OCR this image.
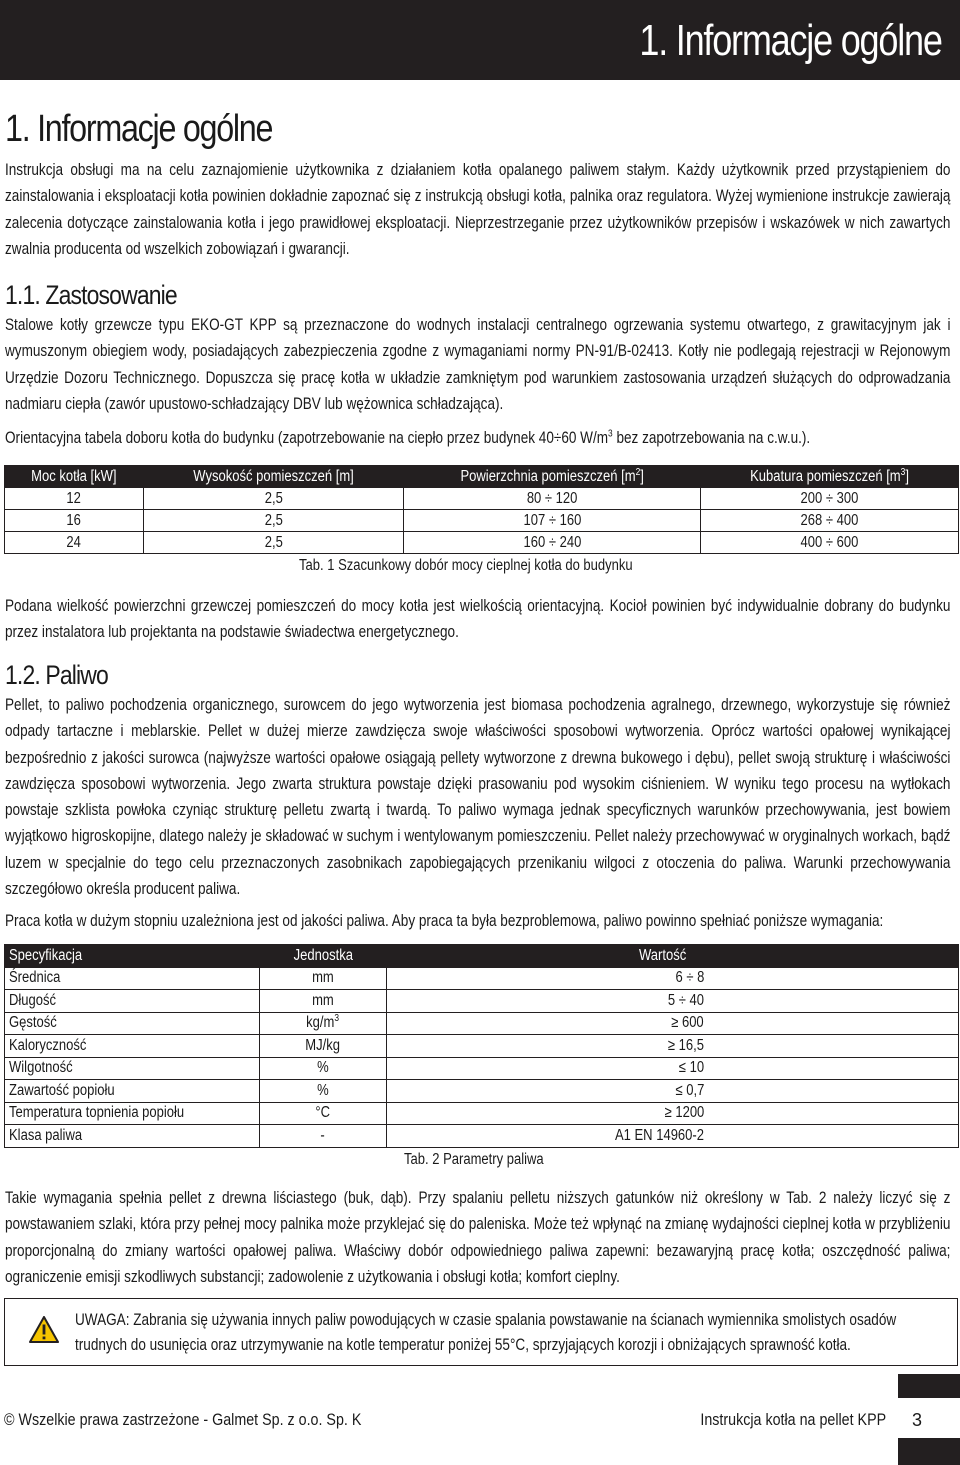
1. Informacje ogólne
1. Informacje ogólne

Instrukcja obsługi ma na celu zaznajomienie użytkownika z działaniem kotła opalanego paliwem stałym. Każdy użytkownik przed przystąpieniem do zainstalowania i eksploatacji kotła powinien dokładnie zapoznać się z instrukcją obsługi kotła, palnika oraz regulatora. Wyżej wymienione instrukcje zawierają zalecenia dotyczące zainstalowania kotła i jego prawidłowej eksploatacji. Nieprzestrzeganie przez użytkowników przepisów i wskazówek w nich zawartych zwalnia producenta od wszelkich zobowiązań i gwarancji.

1.1. Zastosowanie

Stalowe kotły grzewcze typu EKO-GT KPP są przeznaczone do wodnych instalacji centralnego ogrzewania systemu otwartego, z grawitacyjnym jak i wymuszonym obiegiem wody, posiadających zabezpieczenia zgodne z wymaganiami normy PN-91/B-02413. Kotły nie podlegają rejestracji w Rejonowym Urzędzie Dozoru Technicznego. Dopuszcza się pracę kotła w układzie zamkniętym pod warunkiem zastosowania urządzeń służących do odprowadzania nadmiaru ciepła (zawór upustowo-schładzający DBV lub wężownica schładzająca).

Orientacyjna tabela doboru kotła do budynku (zapotrzebowanie na ciepło przez budynek 40÷60 $W/m^3$ bez zapotrzebowania na c.w.u.).

Moc kotła [kW]	Wysokość pomieszczeń [m]	Powierzchnia pomieszczeń $[m^2]$	Kubatura pomieszczeń $[m^3]$
12	2,5	80 ÷ 120	200 ÷ 300
16	2,5	107 ÷ 160	268 ÷ 400
24	2,5	160 ÷ 240	400 ÷ 600
Tab. 1 Szacunkowy dobór mocy cieplnej kotła do budynku

Podana wielkość powierzchni grzewczej pomieszczeń do mocy kotła jest wielkością orientacyjną. Kocioł powinien być indywidualnie dobrany do budynku przez instalatora lub projektanta na podstawie świadectwa energetycznego.

1.2. Paliwo

Pellet, to paliwo pochodzenia organicznego, surowcem do jego wytworzenia jest biomasa pochodzenia agralnego, drzewnego, wykorzystuje się również odpady tartaczne i meblarskie. Pellet w dużej mierze zawdzięcza swoje właściwości sposobowi wytworzenia. Oprócz wartości opałowej wynikającej bezpośrednio z jakości surowca (najwyższe wartości opałowe osiągają pellety wytworzone z drewna bukowego i dębu), pellet swoją strukturę i właściwości zawdzięcza sposobowi wytworzenia. Jego zwarta struktura powstaje dzięki prasowaniu pod wysokim ciśnieniem. W wyniku tego procesu na wytłokach powstaje szklista powłoka czyniąc strukturę pelletu zwartą i twardą. To paliwo wymaga jednak specyficznych warunków przechowywania, jest bowiem wyjątkowo higroskopijne, dlatego należy je składować w suchym i wentylowanym pomieszczeniu. Pellet należy przechowywać w oryginalnych workach, bądź luzem w specjalnie do tego celu przeznaczonych zasobnikach zapobiegających przenikaniu wilgoci z otoczenia do paliwa. Warunki przechowywania szczegółowo określa producent paliwa.

Praca kotła w dużym stopniu uzależniona jest od jakości paliwa. Aby praca ta była bezproblemowa, paliwo powinno spełniać poniższe wymagania:

Specyfikacja	Jednostka	Wartość
Średnica	mm	6 ÷ 8
Długość	mm	5 ÷ 40
Gęstość	$kg/m^3$	≥ 600
Kaloryczność	MJ/kg	≥ 16,5
Wilgotność	%	≤ 10
Zawartość popiołu	%	≤ 0,7
Temperatura topnienia popiołu	°C	≥ 1200
Klasa paliwa	-	A1 EN 14960-2
Tab. 2 Parametry paliwa

Takie wymagania spełnia pellet z drewna liściastego (buk, dąb). Przy spalaniu pelletu niższych gatunków niż określony w Tab. 2 należy liczyć się z powstawaniem szlaki, która przy pełnej mocy palnika może przyklejać się do paleniska. Może też wpłynąć na zmianę wydajności cieplnej kotła w przybliżeniu proporcjonalną do zmiany wartości opałowej paliwa. Właściwy dobór odpowiedniego paliwa zapewni: bezawaryjną pracę kotła; oszczędność paliwa; ograniczenie emisji szkodliwych substancji; zadowolenie z użytkowania i obsługi kotła; komfort cieplny.

UWAGA: Zabrania się używania innych paliw powodujących w czasie spalania powstawanie na ścianach wymiennika smolistych osadów trudnych do usunięcia oraz utrzymywanie na kotle temperatur poniżej 55°C, sprzyjających korozji i obniżających sprawność kotła.

© Wszelkie prawa zastrzeżone - Galmet Sp. z o.o. Sp. K	Instrukcja kotła na pellet KPP 3
